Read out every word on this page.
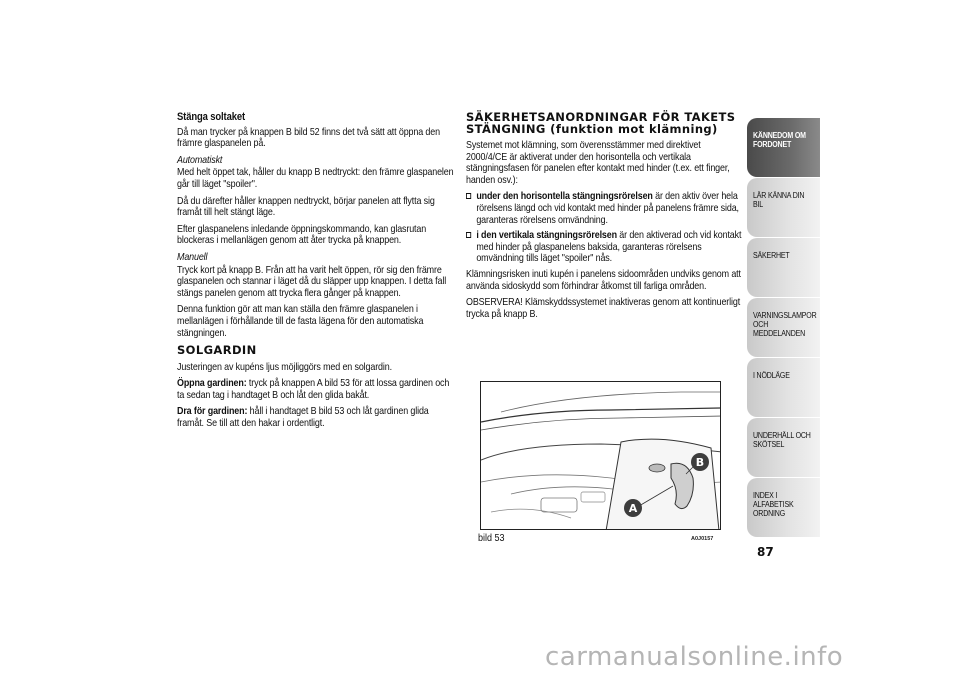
Stänga soltaket

Då man trycker på knappen B bild 52 finns det två sätt att öppna den främre glaspanelen på.

Automatiskt

Med helt öppet tak, håller du knapp B nedtryckt: den främre glaspanelen går till läget "spoiler".

Då du därefter håller knappen nedtryckt, börjar panelen att flytta sig framåt till helt stängt läge.

Efter glaspanelens inledande öppningskommando, kan glasrutan blockeras i mellanlägen genom att åter trycka på knappen.

Manuell

Tryck kort på knapp B. Från att ha varit helt öppen, rör sig den främre glaspanelen och stannar i läget då du släpper upp knappen. I detta fall stängs panelen genom att trycka flera gånger på knappen.

Denna funktion gör att man kan ställa den främre glaspanelen i mellanlägen i förhållande till de fasta lägena för den automatiska stängningen.

SOLGARDIN

Justeringen av kupéns ljus möjliggörs med en solgardin.

Öppna gardinen: tryck på knappen A bild 53 för att lossa gardinen och ta sedan tag i handtaget B och låt den glida bakåt.

Dra för gardinen: håll i handtaget B bild 53 och låt gardinen glida framåt. Se till att den hakar i ordentligt.

SÄKERHETSANORDNINGAR FÖR TAKETS STÄNGNING (funktion mot klämning)

Systemet mot klämning, som överensstämmer med direktivet 2000/4/CE är aktiverat under den horisontella och vertikala stängningsfasen för panelen efter kontakt med hinder (t.ex. ett finger, handen osv.):

under den horisontella stängningsrörelsen är den aktiv över hela rörelsens längd och vid kontakt med hinder på panelens främre sida, garanteras rörelsens omvändning.
i den vertikala stängningsrörelsen är den aktiverad och vid kontakt med hinder på glaspanelens baksida, garanteras rörelsens omvändning tills läget "spoiler" nås.

Klämningsrisken inuti kupén i panelens sidoområden undviks genom att använda sidoskydd som förhindrar åtkomst till farliga områden.

OBSERVERA! Klämskyddssystemet inaktiveras genom att kontinuerligt trycka på knapp B.

B
A
bild 53	A0J0157
KÄNNEDOM OM FORDONET
LÄR KÄNNA DIN BIL
SÄKERHET
VARNINGSLAMPOR OCH MEDDELANDEN
I NÖDLÄGE
UNDERHÅLL OCH SKÖTSEL
INDEX I ALFABETISK ORDNING
87
carmanualsonline.info
